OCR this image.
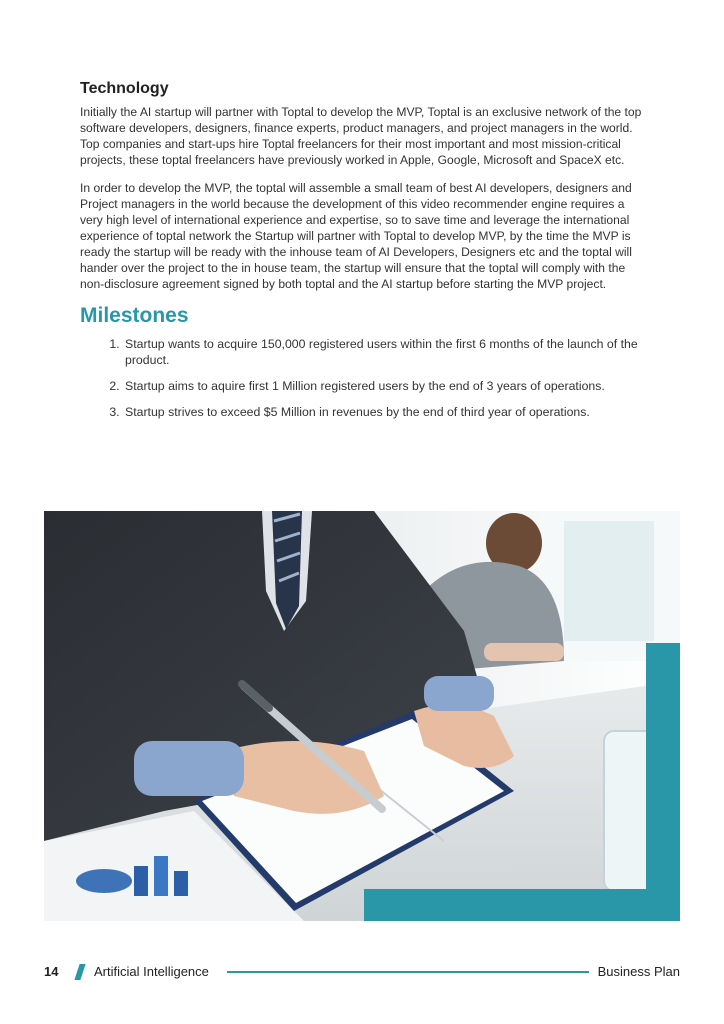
Technology

Initially the AI startup will partner with Toptal to develop the MVP, Toptal is an exclusive network of the top software developers, designers, finance experts, product managers, and project managers in the world. Top companies and start-ups hire Toptal freelancers for their most important and most mission-critical projects, these toptal freelancers have previously worked in Apple, Google, Microsoft and SpaceX etc.

In order to develop the MVP, the toptal will assemble a small team of best AI developers, designers and Project managers in the world because the development of this video recommender engine requires a very high level of international experience and expertise, so to save time and leverage the international experience of toptal network the Startup will partner with Toptal to develop MVP, by the time the MVP is ready the startup will be ready with the inhouse team of AI Developers, Designers etc and the toptal will hander over the project to the in house team, the startup will ensure that the toptal will comply with the non-disclosure agreement signed by both toptal and the AI startup before starting the MVP project.

Milestones
1. Startup wants to acquire 150,000 registered users within the first 6 months of the launch of the product.
2. Startup aims to aquire first 1 Million registered users by the end of 3 years of operations.
3. Startup strives to exceed $5 Million in revenues by the end of third year of operations.
14	Artificial Intelligence	Business Plan
